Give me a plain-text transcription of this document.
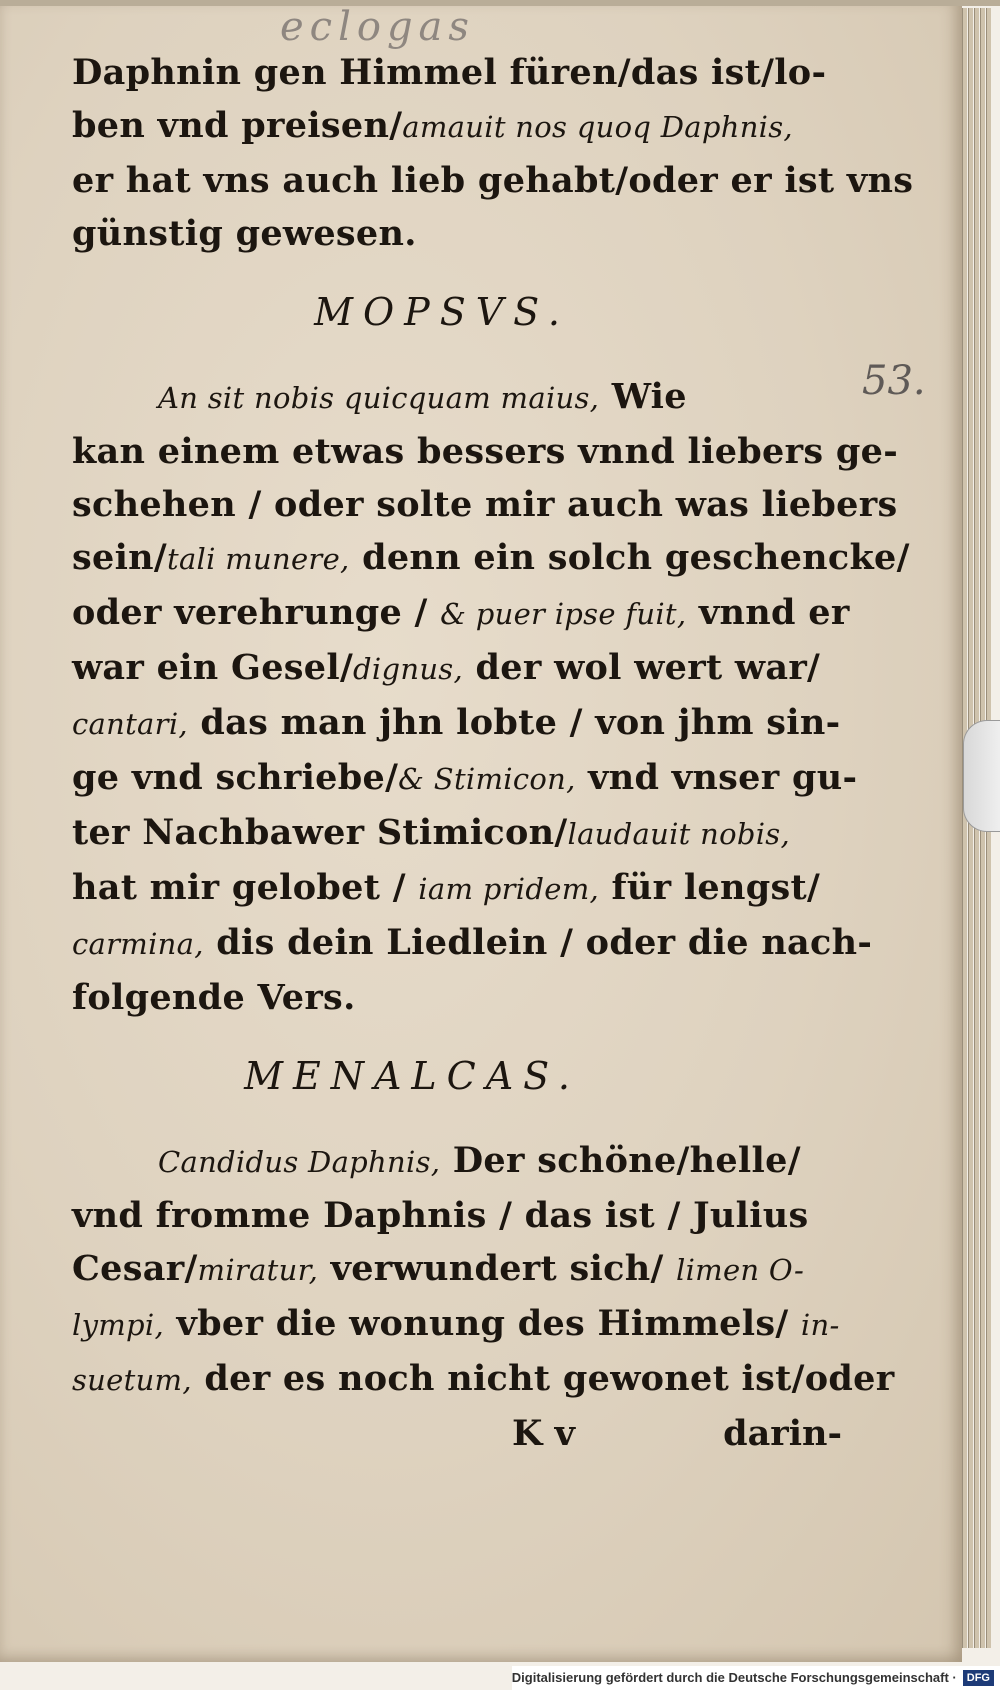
eclogas
53.
Daphnin gen Himmel füren/das ist/lo-
ben vnd preisen/amauit nos quoq Daphnis,
er hat vns auch lieb gehabt/oder er ist vns
günstig gewesen.
MOPSVS.
An sit nobis quicquam maius, Wie
kan einem etwas bessers vnnd liebers ge-
schehen / oder solte mir auch was liebers
sein/tali munere, denn ein solch geschencke/
oder verehrunge / & puer ipse fuit, vnnd er
war ein Gesel/dignus, der wol wert war/
cantari, das man jhn lobte / von jhm sin-
ge vnd schriebe/& Stimicon, vnd vnser gu-
ter Nachbawer Stimicon/laudauit nobis,
hat mir gelobet / iam pridem, für lengst/
carmina, dis dein Liedlein / oder die nach-
folgende Vers.
MENALCAS.
Candidus Daphnis, Der schöne/helle/
vnd fromme Daphnis / das ist / Julius
Cesar/miratur, verwundert sich/ limen O-
lympi, vber die wonung des Himmels/ in-
suetum, der es noch nicht gewonet ist/oder
K v	darin-
Digitalisierung gefördert durch die Deutsche Forschungsgemeinschaft · DFG
